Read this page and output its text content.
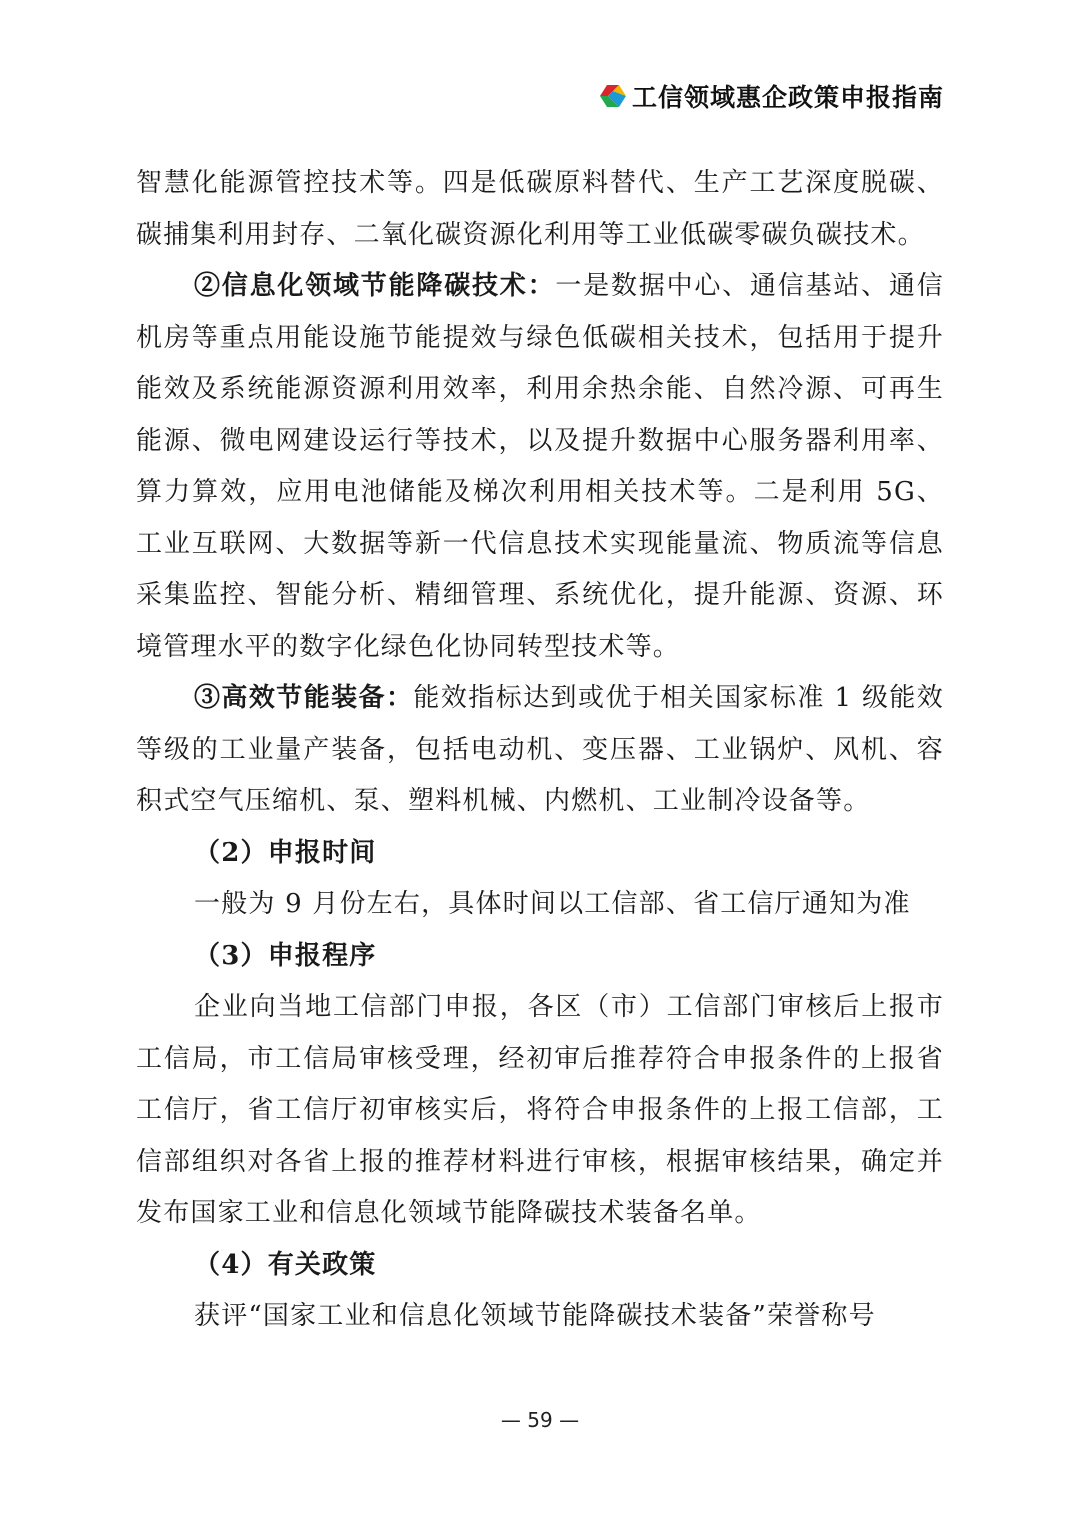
工信领域惠企政策申报指南

智慧化能源管控技术等。四是低碳原料替代、生产工艺深度脱碳、碳捕集利用封存、二氧化碳资源化利用等工业低碳零碳负碳技术。

②信息化领域节能降碳技术：一是数据中心、通信基站、通信机房等重点用能设施节能提效与绿色低碳相关技术，包括用于提升能效及系统能源资源利用效率，利用余热余能、自然冷源、可再生能源、微电网建设运行等技术，以及提升数据中心服务器利用率、算力算效，应用电池储能及梯次利用相关技术等。二是利用 5G、工业互联网、大数据等新一代信息技术实现能量流、物质流等信息采集监控、智能分析、精细管理、系统优化，提升能源、资源、环境管理水平的数字化绿色化协同转型技术等。

③高效节能装备：能效指标达到或优于相关国家标准 1 级能效等级的工业量产装备，包括电动机、变压器、工业锅炉、风机、容积式空气压缩机、泵、塑料机械、内燃机、工业制冷设备等。

（2）申报时间

一般为 9 月份左右，具体时间以工信部、省工信厅通知为准

（3）申报程序

企业向当地工信部门申报，各区（市）工信部门审核后上报市工信局，市工信局审核受理，经初审后推荐符合申报条件的上报省工信厅，省工信厅初审核实后，将符合申报条件的上报工信部，工信部组织对各省上报的推荐材料进行审核，根据审核结果，确定并发布国家工业和信息化领域节能降碳技术装备名单。

（4）有关政策

获评“国家工业和信息化领域节能降碳技术装备”荣誉称号

— 59 —
